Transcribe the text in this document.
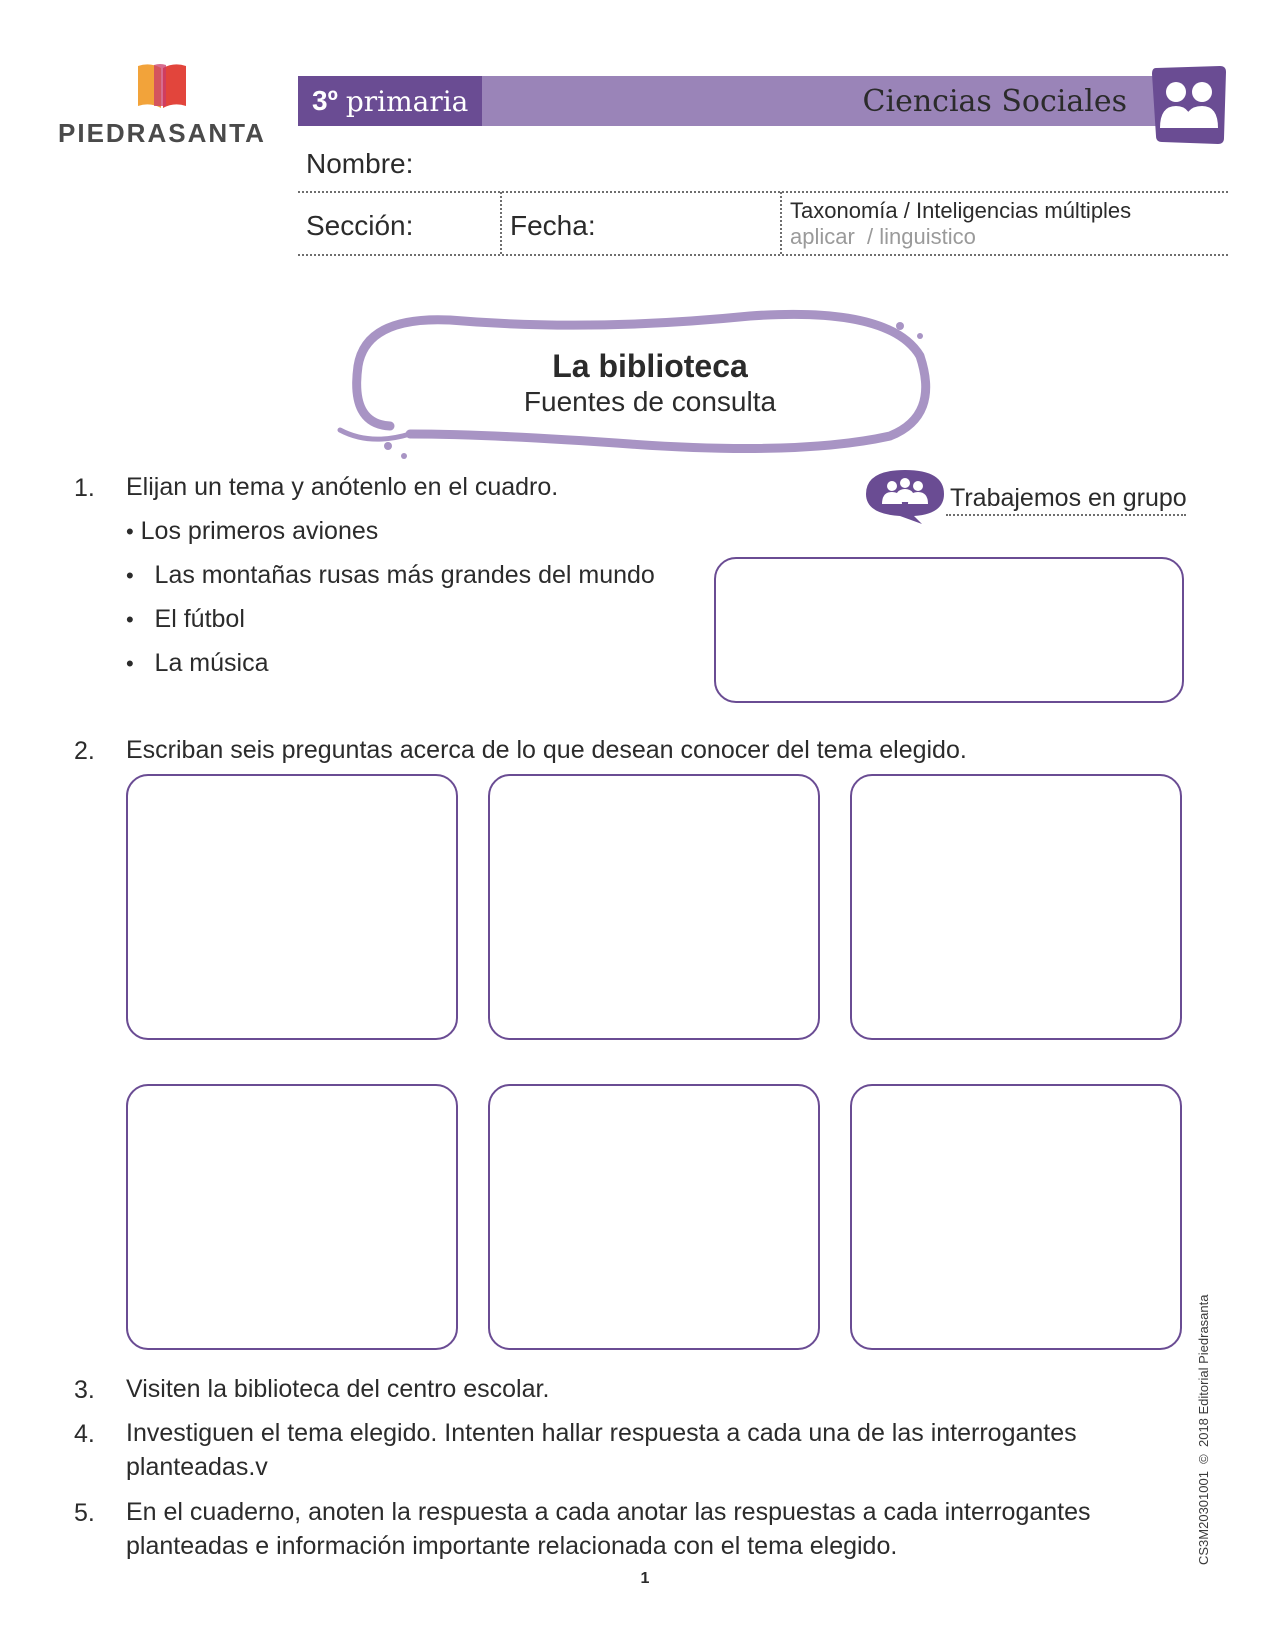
PIEDRASANTA
3º primaria	Ciencias Sociales
Nombre:
Sección:	Fecha:	Taxonomía / Inteligencias múltiples
aplicar  / linguistico
La biblioteca
Fuentes de consulta
1. Elijan un tema y anótenlo en el cuadro.	Trabajemos en grupo
• Los primeros aviones
• Las montañas rusas más grandes del mundo
• El fútbol
• La música
2. Escriban seis preguntas acerca de lo que desean conocer del tema elegido.
3. Visiten la biblioteca del centro escolar.
4. Investiguen el tema elegido. Intenten hallar respuesta a cada una de las interrogantes
planteadas.v
5. En el cuaderno, anoten la respuesta a cada anotar las respuestas a cada interrogantes
planteadas e información importante relacionada con el tema elegido.	CS3M20301001  ©  2018 Editorial Piedrasanta
1
